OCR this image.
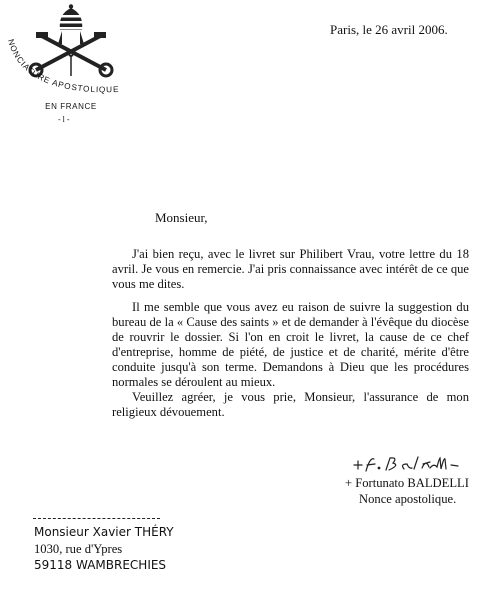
NONCIATURE APOSTOLIQUE
EN FRANCE
- l -
Paris, le 26 avril 2006.
Monsieur,

J'ai bien reçu, avec le livret sur Philibert Vrau, votre lettre du 18 avril. Je vous en remercie. J'ai pris connaissance avec intérêt de ce que vous me dites.

Il me semble que vous avez eu raison de suivre la suggestion du bureau de la « Cause des saints » et de demander à l'évêque du diocèse de rouvrir le dossier. Si l'on en croit le livret, la cause de ce chef d'entreprise, homme de piété, de justice et de charité, mérite d'être conduite jusqu'à son terme. Demandons à Dieu que les procédures normales se déroulent au mieux.

Veuillez agréer, je vous prie, Monsieur, l'assurance de mon religieux dévouement.

+ Fortunato BALDELLI
Nonce apostolique.
Monsieur Xavier THÉRY
1030, rue d'Ypres
59118 WAMBRECHIES
